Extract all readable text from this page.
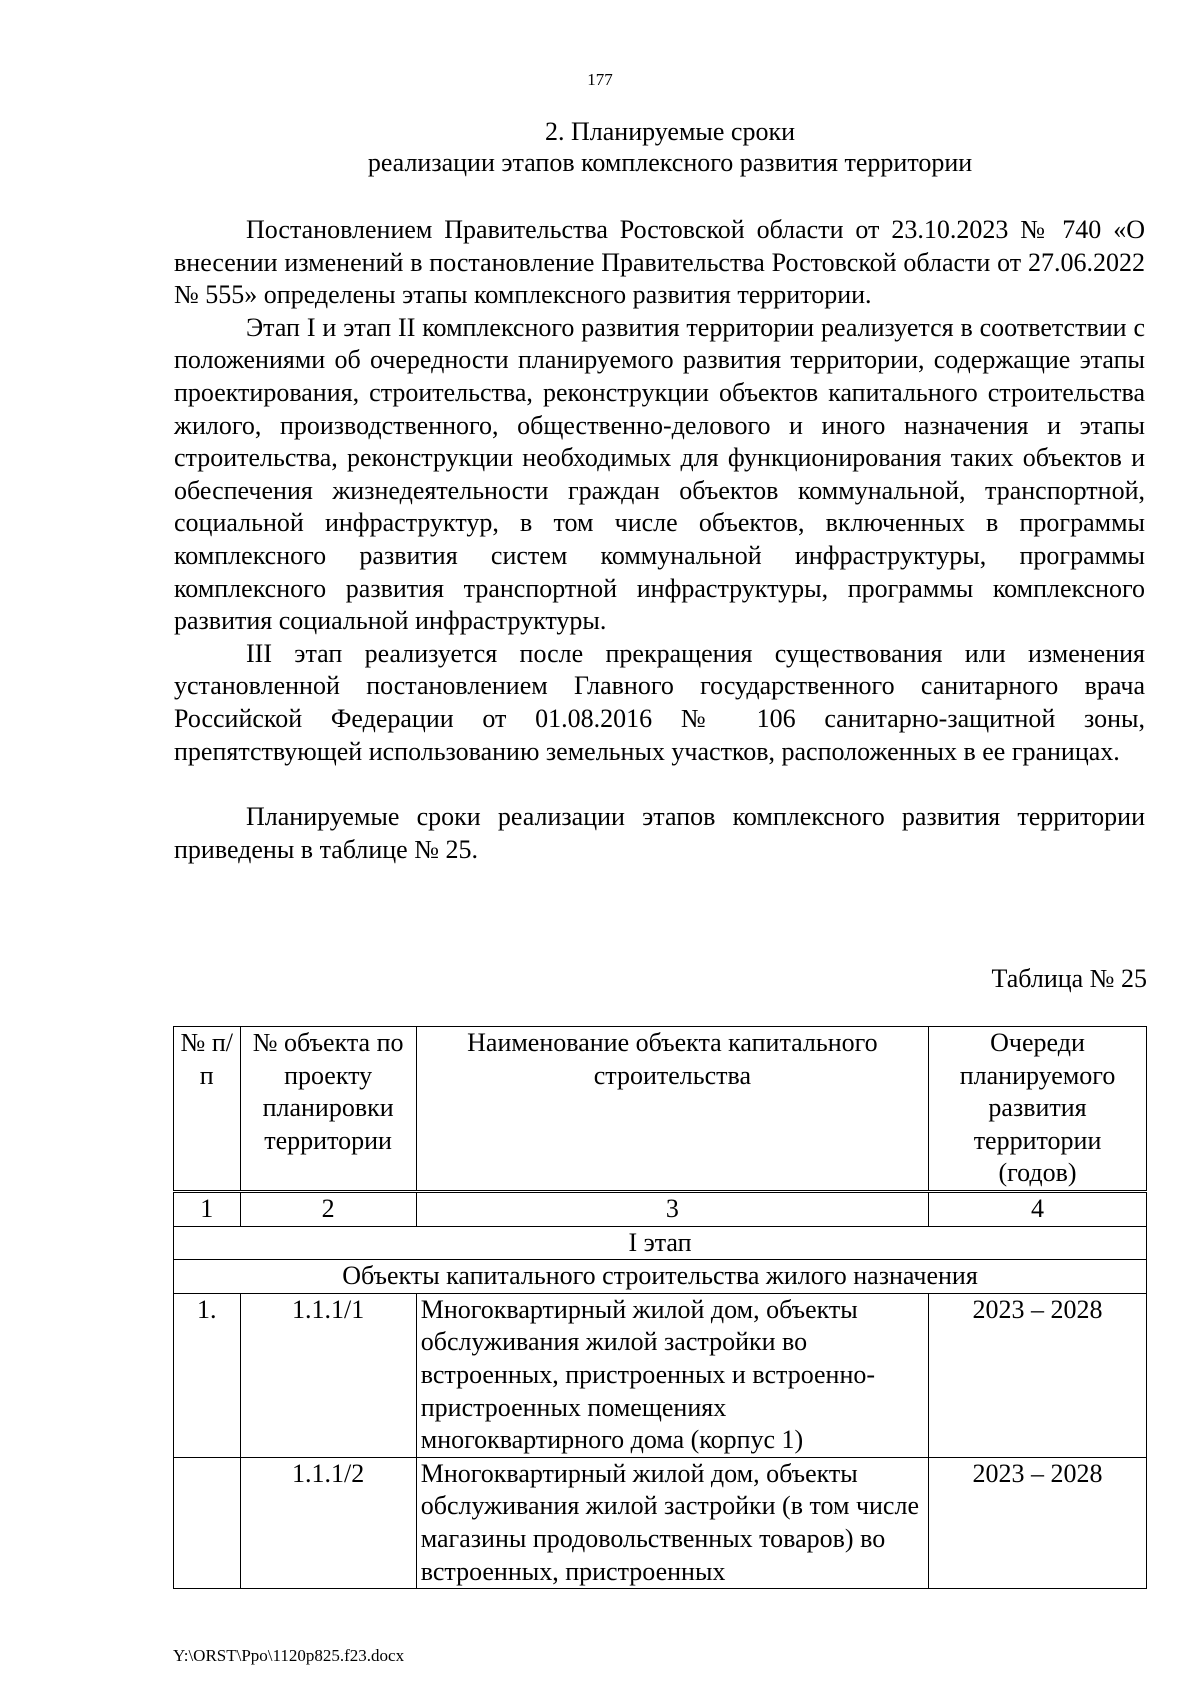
177
2. Планируемые сроки
реализации этапов комплексного развития территории

Постановлением Правительства Ростовской области от 23.10.2023 № 740 «О внесении изменений в постановление Правительства Ростовской области от 27.06.2022 № 555» определены этапы комплексного развития территории.

Этап I и этап II комплексного развития территории реализуется в соответствии с положениями об очередности планируемого развития территории, содержащие этапы проектирования, строительства, реконструкции объектов капитального строительства жилого, производственного, общественно-делового и иного назначения и этапы строительства, реконструкции необходимых для функционирования таких объектов и обеспечения жизнедеятельности граждан объектов коммунальной, транспортной, социальной инфраструктур, в том числе объектов, включенных в программы комплексного развития систем коммунальной инфраструктуры, программы комплексного развития транспортной инфраструктуры, программы комплексного развития социальной инфраструктуры.

III этап реализуется после прекращения существования или изменения установленной постановлением Главного государственного санитарного врача Российской Федерации от 01.08.2016 № 106 санитарно-защитной зоны, препятствующей использованию земельных участков, расположенных в ее границах.

Планируемые сроки реализации этапов комплексного развития территории приведены в таблице № 25.

Таблица № 25
№ п/п	№ объекта по проекту планировки территории	Наименование объекта капитального строительства	Очереди планируемого развития территории (годов)
1	2	3	4
I этап			
Объекты капитального строительства жилого назначения			
1.	1.1.1/1	Многоквартирный жилой дом, объекты обслуживания жилой застройки во встроенных, пристроенных и встроенно-пристроенных помещениях многоквартирного дома (корпус 1)	2023 – 2028
	1.1.1/2	Многоквартирный жилой дом, объекты обслуживания жилой застройки (в том числе магазины продовольственных товаров) во встроенных, пристроенных	2023 – 2028
Y:\ORST\Ppo\1120p825.f23.docx
